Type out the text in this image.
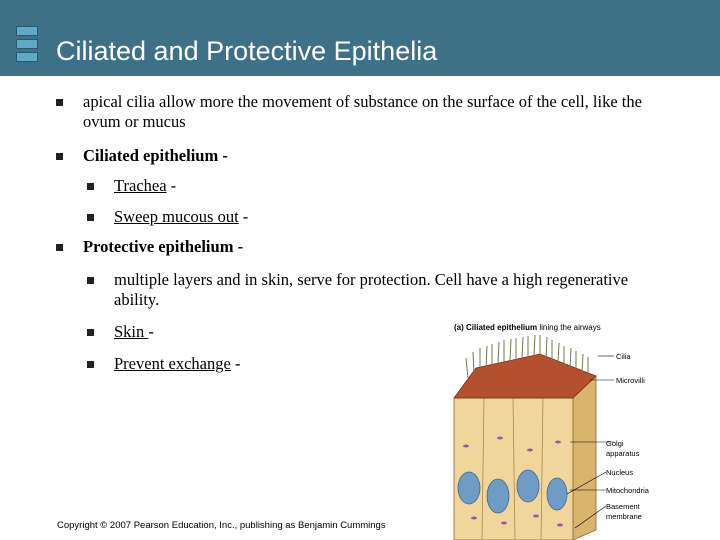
Ciliated and Protective Epithelia
apical cilia allow more the movement of substance on the surface of the cell, like the ovum or mucus
Ciliated epithelium -
Trachea -
Sweep mucous out -
Protective epithelium -
multiple layers and in skin, serve for protection. Cell have a high regenerative ability.
Skin -
Prevent exchange -
(a) Ciliated epithelium lining the airways
Cilia
Microvilli
Golgi
apparatus
Nucleus
Mitochondria
Basement
membrane
Copyright © 2007 Pearson Education, Inc., publishing as Benjamin Cummings
